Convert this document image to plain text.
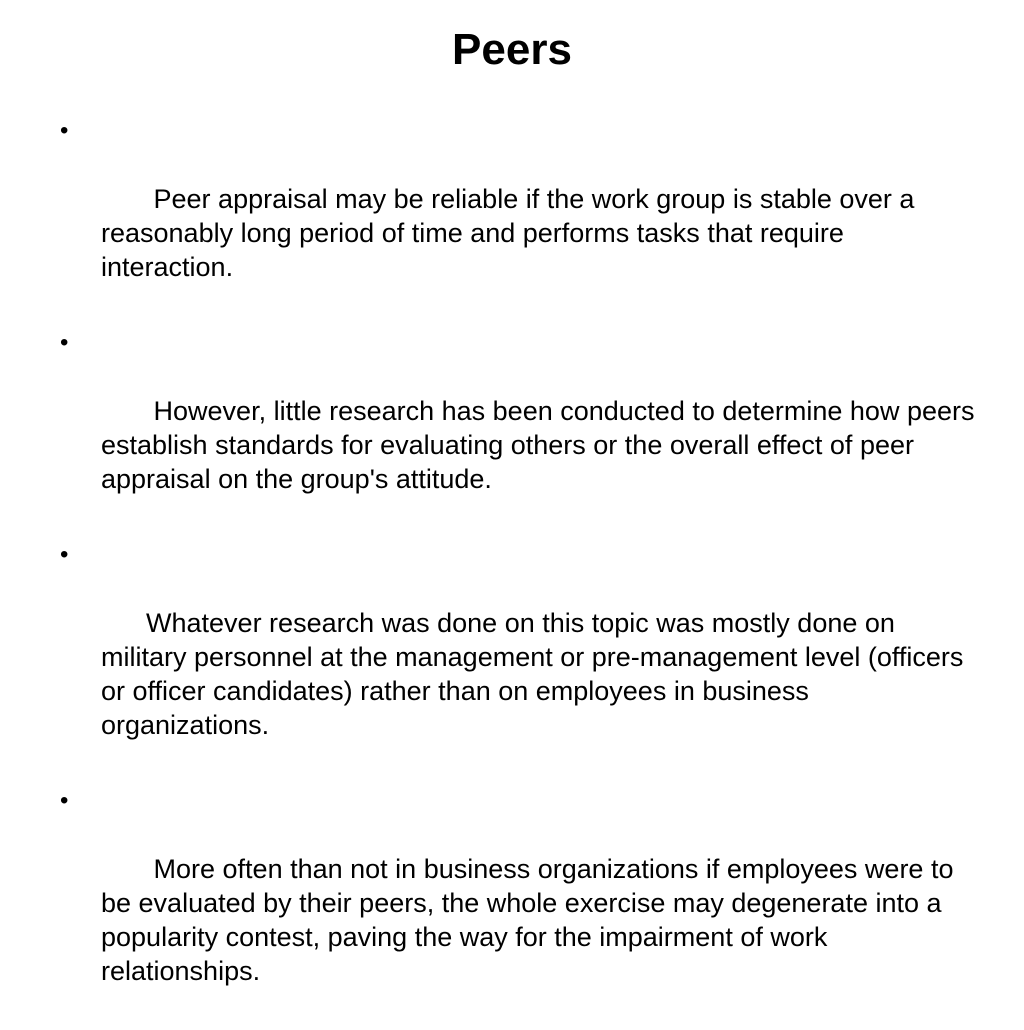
Peers

•

Peer appraisal may be reliable if the work group is stable over a reasonably long period of time and performs tasks that require interaction.

•

However, little research has been conducted to determine how peers establish standards for evaluating others or the overall effect of peer appraisal on the group's attitude.

•

Whatever research was done on this topic was mostly done on military personnel at the management or pre-management level (officers or officer candidates) rather than on employees in business organizations.

•

More often than not in business organizations if employees were to be evaluated by their peers, the whole exercise may degenerate into a popularity contest, paving the way for the impairment of work relationships.
